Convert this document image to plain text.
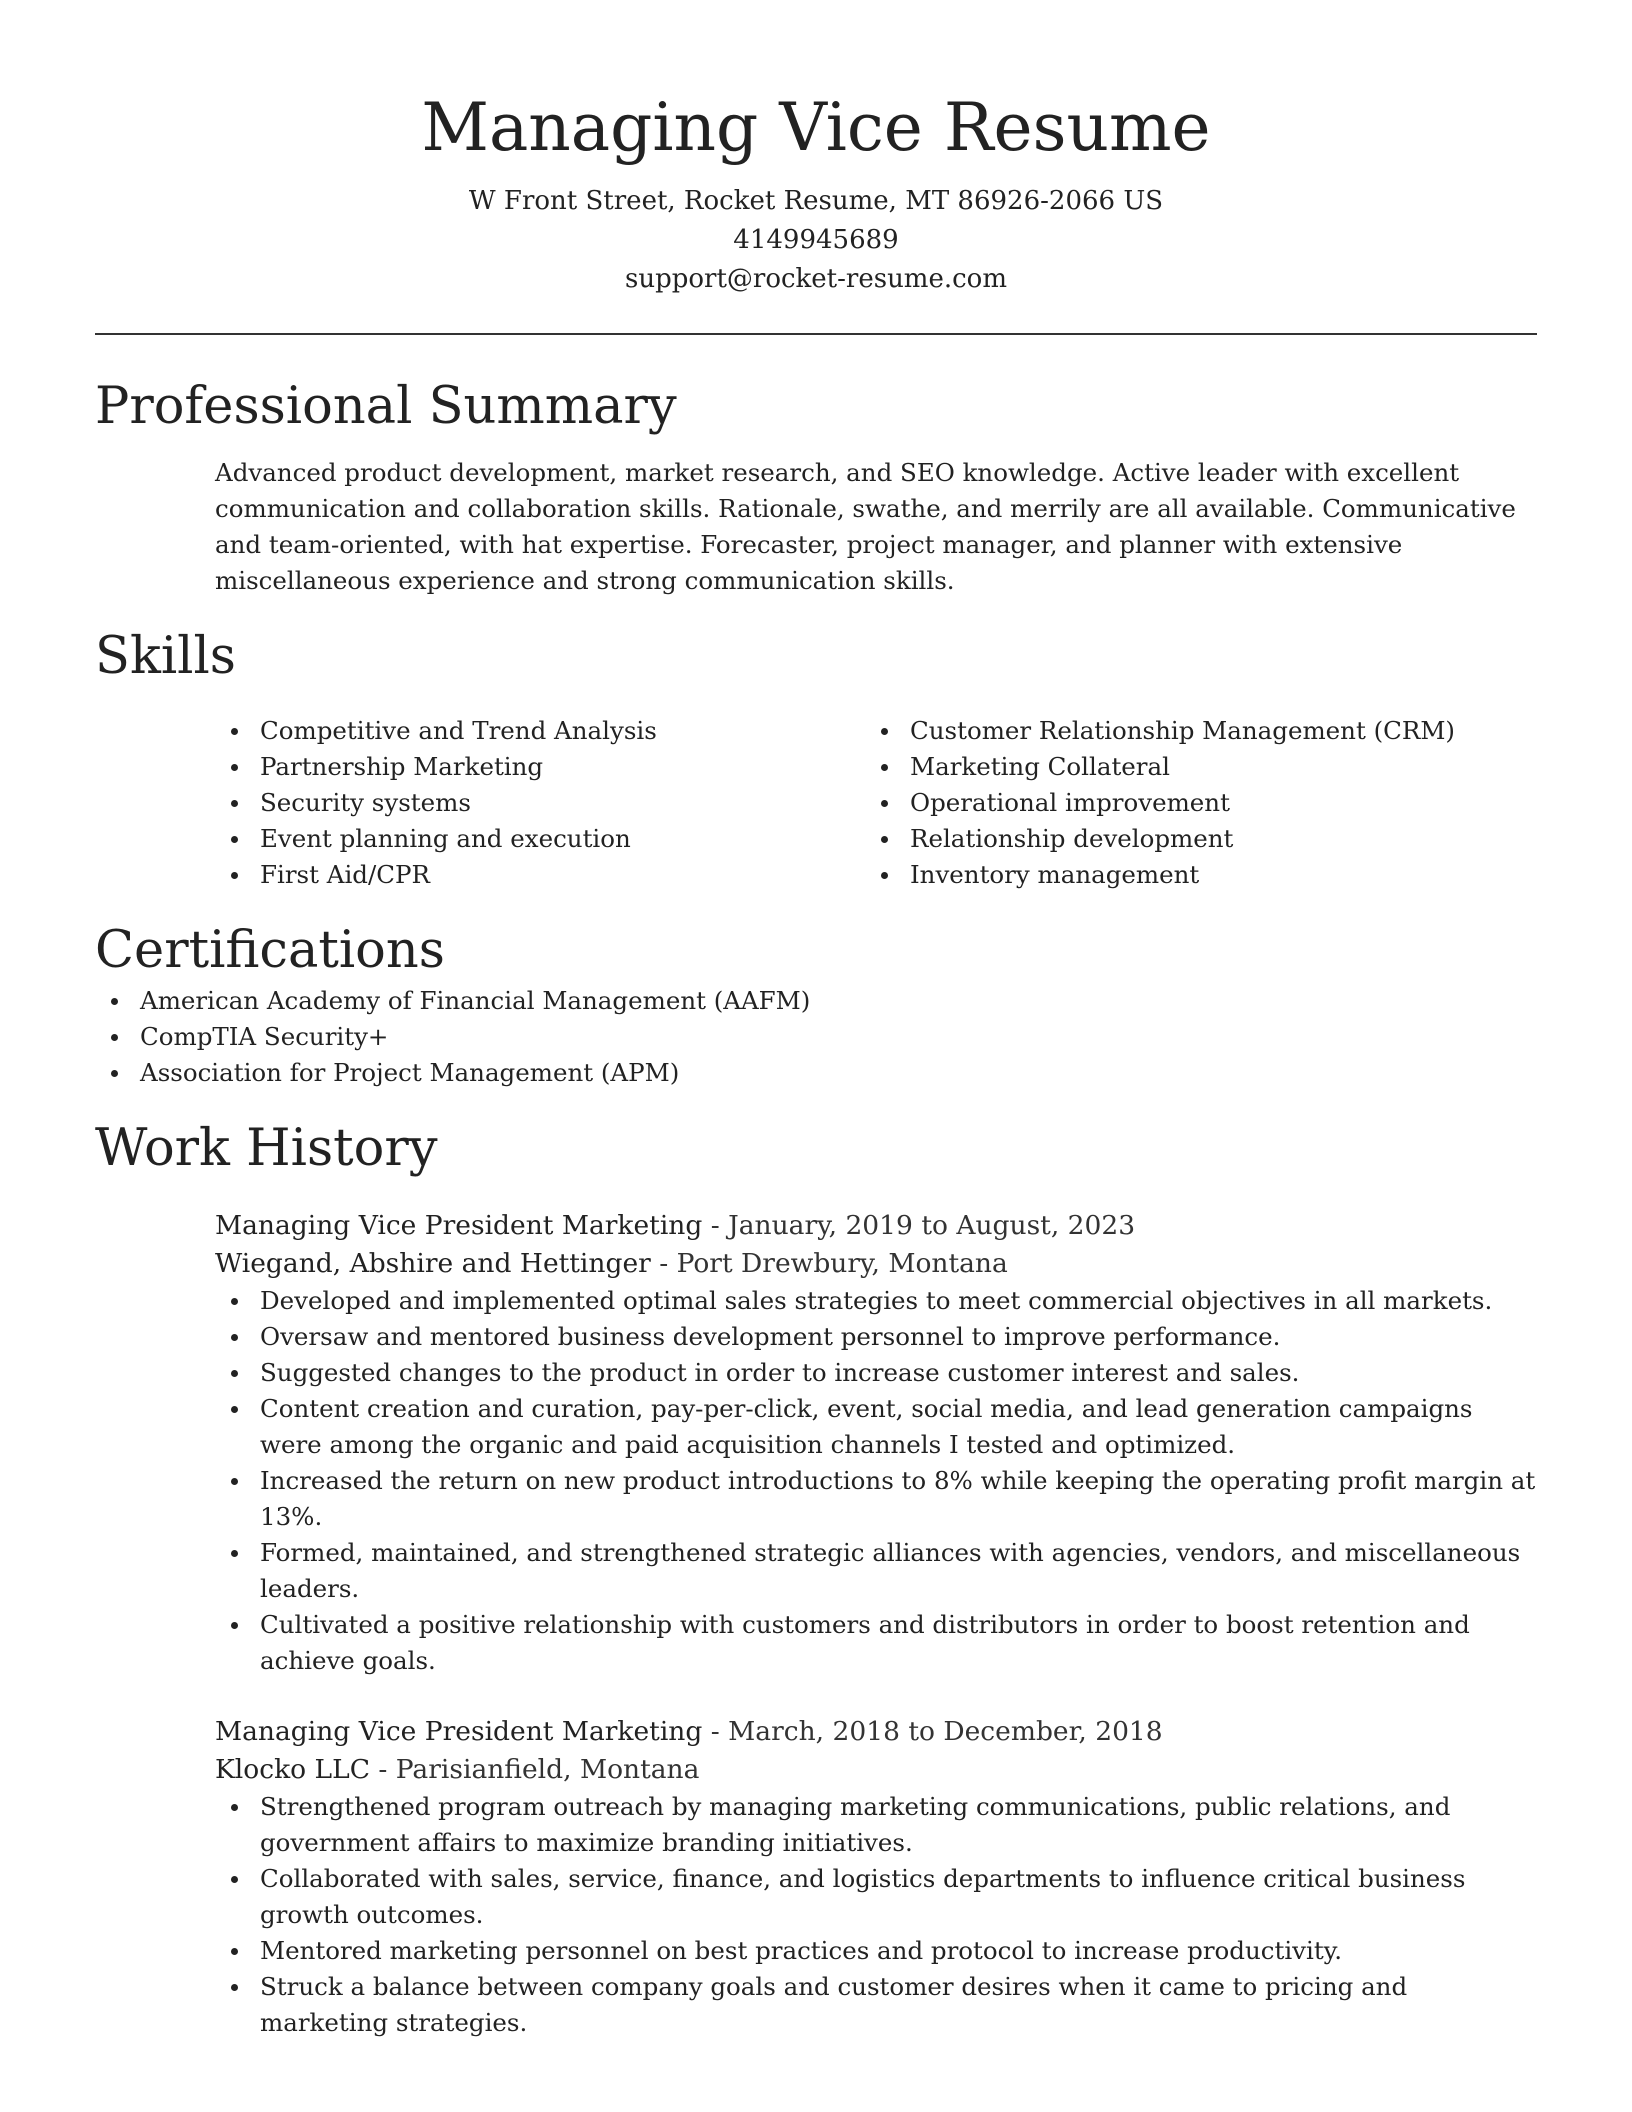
Managing Vice Resume
W Front Street, Rocket Resume, MT 86926-2066 US
4149945689
support@rocket-resume.com
Professional Summary
Advanced product development, market research, and SEO knowledge. Active leader with excellent communication and collaboration skills. Rationale, swathe, and merrily are all available. Communicative and team-oriented, with hat expertise. Forecaster, project manager, and planner with extensive miscellaneous experience and strong communication skills.
Skills
Competitive and Trend Analysis
Partnership Marketing
Security systems
Event planning and execution
First Aid/CPR
Customer Relationship Management (CRM)
Marketing Collateral
Operational improvement
Relationship development
Inventory management
Certifications
American Academy of Financial Management (AAFM)
CompTIA Security+
Association for Project Management (APM)
Work History
Managing Vice President Marketing - January, 2019 to August, 2023
Wiegand, Abshire and Hettinger - Port Drewbury, Montana
Developed and implemented optimal sales strategies to meet commercial objectives in all markets.
Oversaw and mentored business development personnel to improve performance.
Suggested changes to the product in order to increase customer interest and sales.
Content creation and curation, pay-per-click, event, social media, and lead generation campaigns were among the organic and paid acquisition channels I tested and optimized.
Increased the return on new product introductions to 8% while keeping the operating profit margin at 13%.
Formed, maintained, and strengthened strategic alliances with agencies, vendors, and miscellaneous leaders.
Cultivated a positive relationship with customers and distributors in order to boost retention and achieve goals.
Managing Vice President Marketing - March, 2018 to December, 2018
Klocko LLC - Parisianfield, Montana
Strengthened program outreach by managing marketing communications, public relations, and government affairs to maximize branding initiatives.
Collaborated with sales, service, finance, and logistics departments to influence critical business growth outcomes.
Mentored marketing personnel on best practices and protocol to increase productivity.
Struck a balance between company goals and customer desires when it came to pricing and marketing strategies.
